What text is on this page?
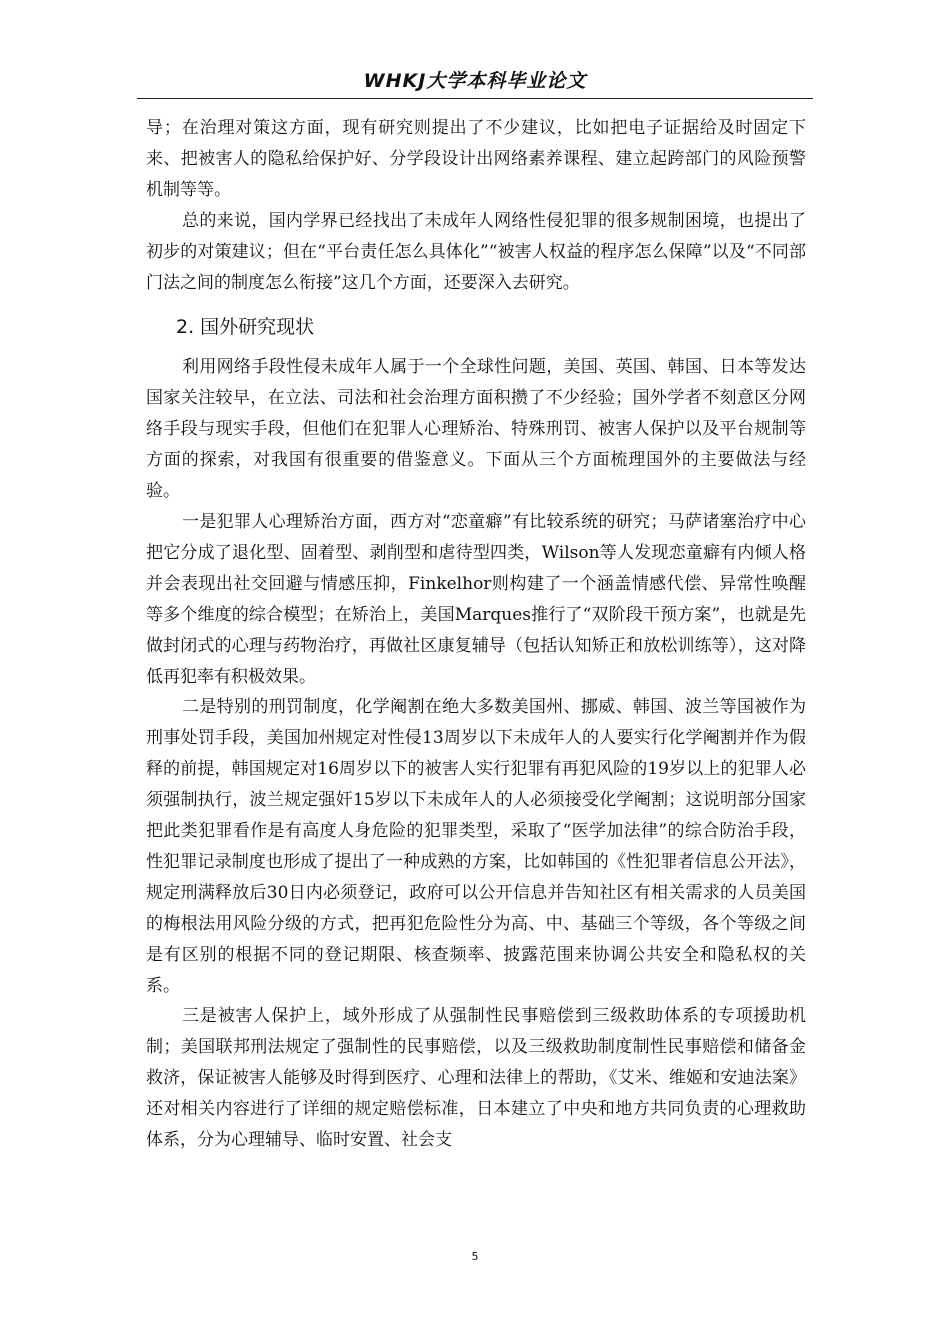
WHKJ大学本科毕业论文

导；在治理对策这方面，现有研究则提出了不少建议，比如把电子证据给及时固定下来、把被害人的隐私给保护好、分学段设计出网络素养课程、建立起跨部门的风险预警机制等等。

总的来说，国内学界已经找出了未成年人网络性侵犯罪的很多规制困境，也提出了初步的对策建议；但在“平台责任怎么具体化”“被害人权益的程序怎么保障”以及“不同部门法之间的制度怎么衔接”这几个方面，还要深入去研究。

2. 国外研究现状

利用网络手段性侵未成年人属于一个全球性问题，美国、英国、韩国、日本等发达国家关注较早，在立法、司法和社会治理方面积攒了不少经验；国外学者不刻意区分网络手段与现实手段，但他们在犯罪人心理矫治、特殊刑罚、被害人保护以及平台规制等方面的探索，对我国有很重要的借鉴意义。下面从三个方面梳理国外的主要做法与经验。

一是犯罪人心理矫治方面，西方对“恋童癖”有比较系统的研究；马萨诸塞治疗中心把它分成了退化型、固着型、剥削型和虐待型四类，Wilson等人发现恋童癖有内倾人格并会表现出社交回避与情感压抑，Finkelhor则构建了一个涵盖情感代偿、异常性唤醒等多个维度的综合模型；在矫治上，美国Marques推行了“双阶段干预方案”，也就是先做封闭式的心理与药物治疗，再做社区康复辅导（包括认知矫正和放松训练等），这对降低再犯率有积极效果。

二是特别的刑罚制度，化学阉割在绝大多数美国州、挪威、韩国、波兰等国被作为刑事处罚手段，美国加州规定对性侵13周岁以下未成年人的人要实行化学阉割并作为假释的前提，韩国规定对16周岁以下的被害人实行犯罪有再犯风险的19岁以上的犯罪人必须强制执行，波兰规定强奸15岁以下未成年人的人必须接受化学阉割；这说明部分国家把此类犯罪看作是有高度人身危险的犯罪类型，采取了“医学加法律”的综合防治手段，性犯罪记录制度也形成了提出了一种成熟的方案，比如韩国的《性犯罪者信息公开法》，规定刑满释放后30日内必须登记，政府可以公开信息并告知社区有相关需求的人员美国的梅根法用风险分级的方式，把再犯危险性分为高、中、基础三个等级，各个等级之间是有区别的根据不同的登记期限、核查频率、披露范围来协调公共安全和隐私权的关系。

三是被害人保护上，域外形成了从强制性民事赔偿到三级救助体系的专项援助机制；美国联邦刑法规定了强制性的民事赔偿，以及三级救助制度制性民事赔偿和储备金救济，保证被害人能够及时得到医疗、心理和法律上的帮助，《艾米、维姬和安迪法案》还对相关内容进行了详细的规定赔偿标准，日本建立了中央和地方共同负责的心理救助体系，分为心理辅导、临时安置、社会支

5
